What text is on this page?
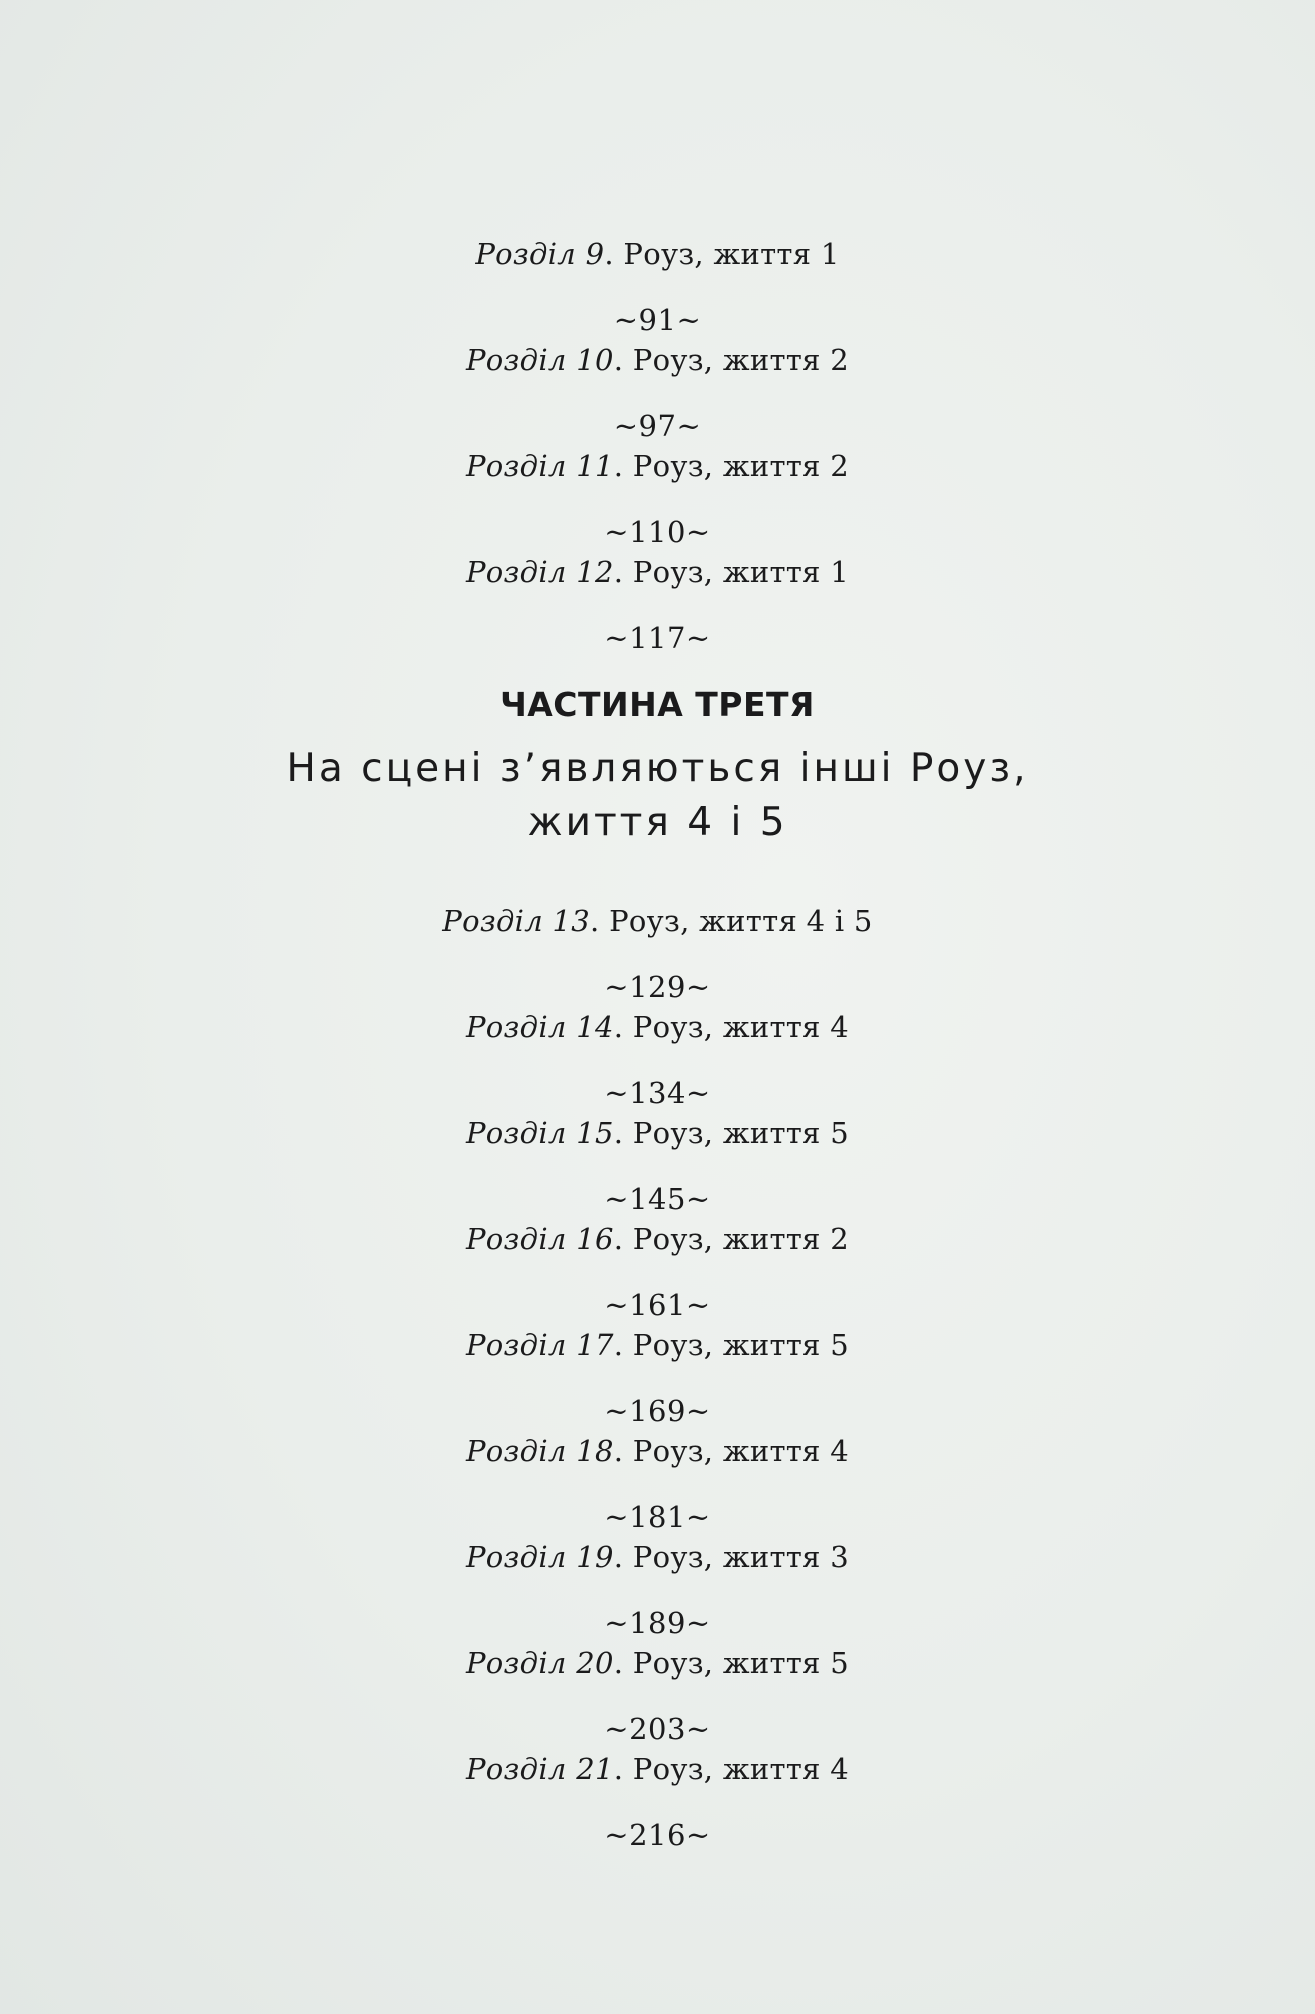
Розділ 9. Роуз, життя 1
~91~
Розділ 10. Роуз, життя 2
~97~
Розділ 11. Роуз, життя 2
~110~
Розділ 12. Роуз, життя 1
~117~
ЧАСТИНА ТРЕТЯ
На сцені з’являються інші Роуз,
життя 4 і 5
Розділ 13. Роуз, життя 4 і 5
~129~
Розділ 14. Роуз, життя 4
~134~
Розділ 15. Роуз, життя 5
~145~
Розділ 16. Роуз, життя 2
~161~
Розділ 17. Роуз, життя 5
~169~
Розділ 18. Роуз, життя 4
~181~
Розділ 19. Роуз, життя 3
~189~
Розділ 20. Роуз, життя 5
~203~
Розділ 21. Роуз, життя 4
~216~
